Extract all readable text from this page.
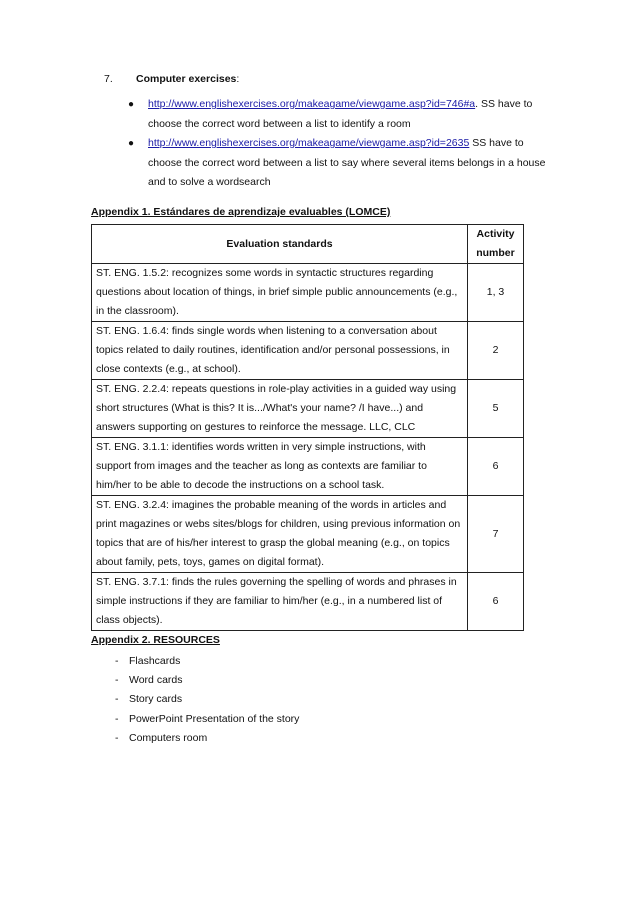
7. Computer exercises:
● http://www.englishexercises.org/makeagame/viewgame.asp?id=746#a. SS have to
choose the correct word between a list to identify a room
● http://www.englishexercises.org/makeagame/viewgame.asp?id=2635 SS have to
choose the correct word between a list to say where several items belongs in a house and to solve a wordsearch
Appendix 1. Estándares de aprendizaje evaluables (LOMCE)
Evaluation standards	Activity number
ST. ENG. 1.5.2: recognizes some words in syntactic structures regarding questions about location of things, in brief simple public announcements (e.g., in the classroom).	1, 3
ST. ENG. 1.6.4: finds single words when listening to a conversation about topics related to daily routines, identification and/or personal possessions, in close contexts (e.g., at school).	2
ST. ENG. 2.2.4: repeats questions in role-play activities in a guided way using short structures (What is this? It is.../What's your name? /I have...) and answers supporting on gestures to reinforce the message. LLC, CLC	5
ST. ENG. 3.1.1: identifies words written in very simple instructions, with support from images and the teacher as long as contexts are familiar to him/her to be able to decode the instructions on a school task.	6
ST. ENG. 3.2.4: imagines the probable meaning of the words in articles and print magazines or webs sites/blogs for children, using previous information on topics that are of his/her interest to grasp the global meaning (e.g., on topics about family, pets, toys, games on digital format).	7
ST. ENG. 3.7.1: finds the rules governing the spelling of words and phrases in simple instructions if they are familiar to him/her (e.g., in a numbered list of class objects).	6
Appendix 2. RESOURCES
- Flashcards
- Word cards
- Story cards
- PowerPoint Presentation of the story
- Computers room
